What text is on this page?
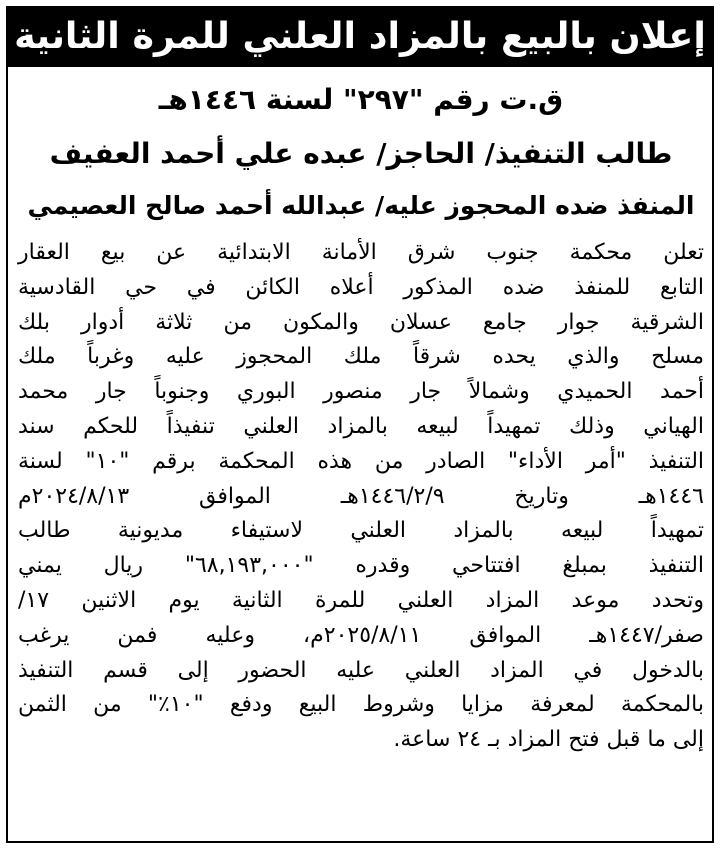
إعلان بالبيع بالمزاد العلني للمرة الثانية
ق.ت رقم "٢٩٧" لسنة ١٤٤٦هـ
طالب التنفيذ/ الحاجز/ عبده علي أحمد العفيف
المنفذ ضده المحجوز عليه/ عبدالله أحمد صالح العصيمي
تعلن محكمة جنوب شرق الأمانة الابتدائية عن بيع العقار
التابع للمنفذ ضده المذكور أعلاه الكائن في حي القادسية
الشرقية جوار جامع عسلان والمكون من ثلاثة أدوار بلك
مسلح والذي يحده شرقاً ملك المحجوز عليه وغرباً ملك
أحمد الحميدي وشمالاً جار منصور البوري وجنوباً جار محمد
الهياني وذلك تمهيداً لبيعه بالمزاد العلني تنفيذاً للحكم سند
التنفيذ "أمر الأداء" الصادر من هذه المحكمة برقم "١٠" لسنة
١٤٤٦هـ وتاريخ ١٤٤٦/٢/٩هـ الموافق ٢٠٢٤/٨/١٣م
تمهيداً لبيعه بالمزاد العلني لاستيفاء مديونية طالب
التنفيذ بمبلغ افتتاحي وقدره "٦٨,١٩٣,٠٠٠" ريال يمني
وتحدد موعد المزاد العلني للمرة الثانية يوم الاثنين ١٧/
صفر/١٤٤٧هـ الموافق ٢٠٢٥/٨/١١م، وعليه فمن يرغب
بالدخول في المزاد العلني عليه الحضور إلى قسم التنفيذ
بالمحكمة لمعرفة مزايا وشروط البيع ودفع "١٠٪" من الثمن
إلى ما قبل فتح المزاد بـ ٢٤ ساعة.
